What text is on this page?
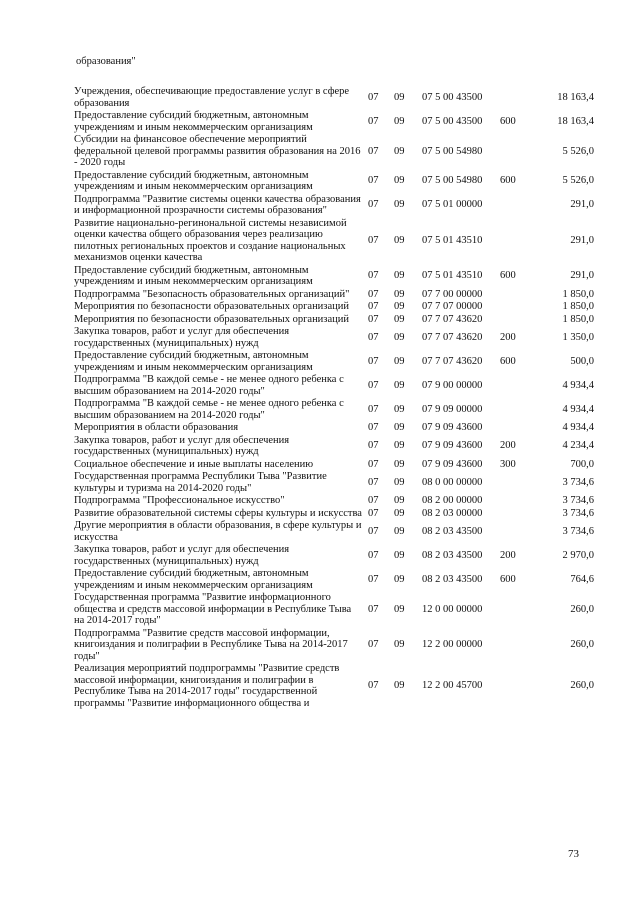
образования"
Учреждения, обеспечивающие предоставление услуг в сфере образования	07	09	07 5 00 43500		18 163,4
Предоставление субсидий бюджетным, автономным учреждениям и иным некоммерческим организациям	07	09	07 5 00 43500	600	18 163,4
Субсидии на финансовое обеспечение мероприятий федеральной целевой программы развития образования на 2016 - 2020 годы	07	09	07 5 00 54980		5 526,0
Предоставление субсидий бюджетным, автономным учреждениям и иным некоммерческим организациям	07	09	07 5 00 54980	600	5 526,0
Подпрограмма "Развитие системы оценки качества образования и информационной прозрачности системы образования"	07	09	07 5 01 00000		291,0
Развитие национально-регинональной системы независимой оценки качества общего образования через реализацию пилотных региональных проектов и создание национальных механизмов оценки качества	07	09	07 5 01 43510		291,0
Предоставление субсидий бюджетным, автономным учреждениям и иным некоммерческим организациям	07	09	07 5 01 43510	600	291,0
Подпрограмма "Безопасность образовательных организаций"	07	09	07 7 00 00000		1 850,0
Мероприятия по безопасности образовательных организаций	07	09	07 7 07 00000		1 850,0
Мероприятия по безопасности образовательных организаций	07	09	07 7 07 43620		1 850,0
Закупка товаров, работ и услуг для обеспечения государственных (муниципальных) нужд	07	09	07 7 07 43620	200	1 350,0
Предоставление субсидий бюджетным, автономным учреждениям и иным некоммерческим организациям	07	09	07 7 07 43620	600	500,0
Подпрограмма "В каждой семье - не менее одного ребенка с высшим образованием на 2014-2020 годы"	07	09	07 9 00 00000		4 934,4
Подпрограмма "В каждой семье - не менее одного ребенка с высшим образованием на 2014-2020 годы"	07	09	07 9 09 00000		4 934,4
Мероприятия в области образования	07	09	07 9 09 43600		4 934,4
Закупка товаров, работ и услуг для обеспечения государственных (муниципальных) нужд	07	09	07 9 09 43600	200	4 234,4
Социальное обеспечение и иные выплаты населению	07	09	07 9 09 43600	300	700,0
Государственная программа Республики Тыва "Развитие культуры и туризма на 2014-2020 годы"	07	09	08 0 00 00000		3 734,6
Подпрограмма "Профессиональное искусство"	07	09	08 2 00 00000		3 734,6
Развитие образовательной системы сферы культуры и искусства	07	09	08 2 03 00000		3 734,6
Другие мероприятия в области образования, в сфере культуры и искусства	07	09	08 2 03 43500		3 734,6
Закупка товаров, работ и услуг для обеспечения государственных (муниципальных) нужд	07	09	08 2 03 43500	200	2 970,0
Предоставление субсидий бюджетным, автономным учреждениям и иным некоммерческим организациям	07	09	08 2 03 43500	600	764,6
Государственная программа "Развитие информационного общества и средств массовой информации в Республике Тыва на 2014-2017 годы"	07	09	12 0 00 00000		260,0
Подпрограмма "Развитие средств массовой информации, книгоиздания и полиграфии в Республике Тыва на 2014-2017 годы"	07	09	12 2 00 00000		260,0
Реализация мероприятий подпрограммы "Развитие средств массовой информации, книгоиздания и полиграфии в Республике Тыва на 2014-2017 годы" государственной программы "Развитие информационного общества и	07	09	12 2 00 45700		260,0
73
